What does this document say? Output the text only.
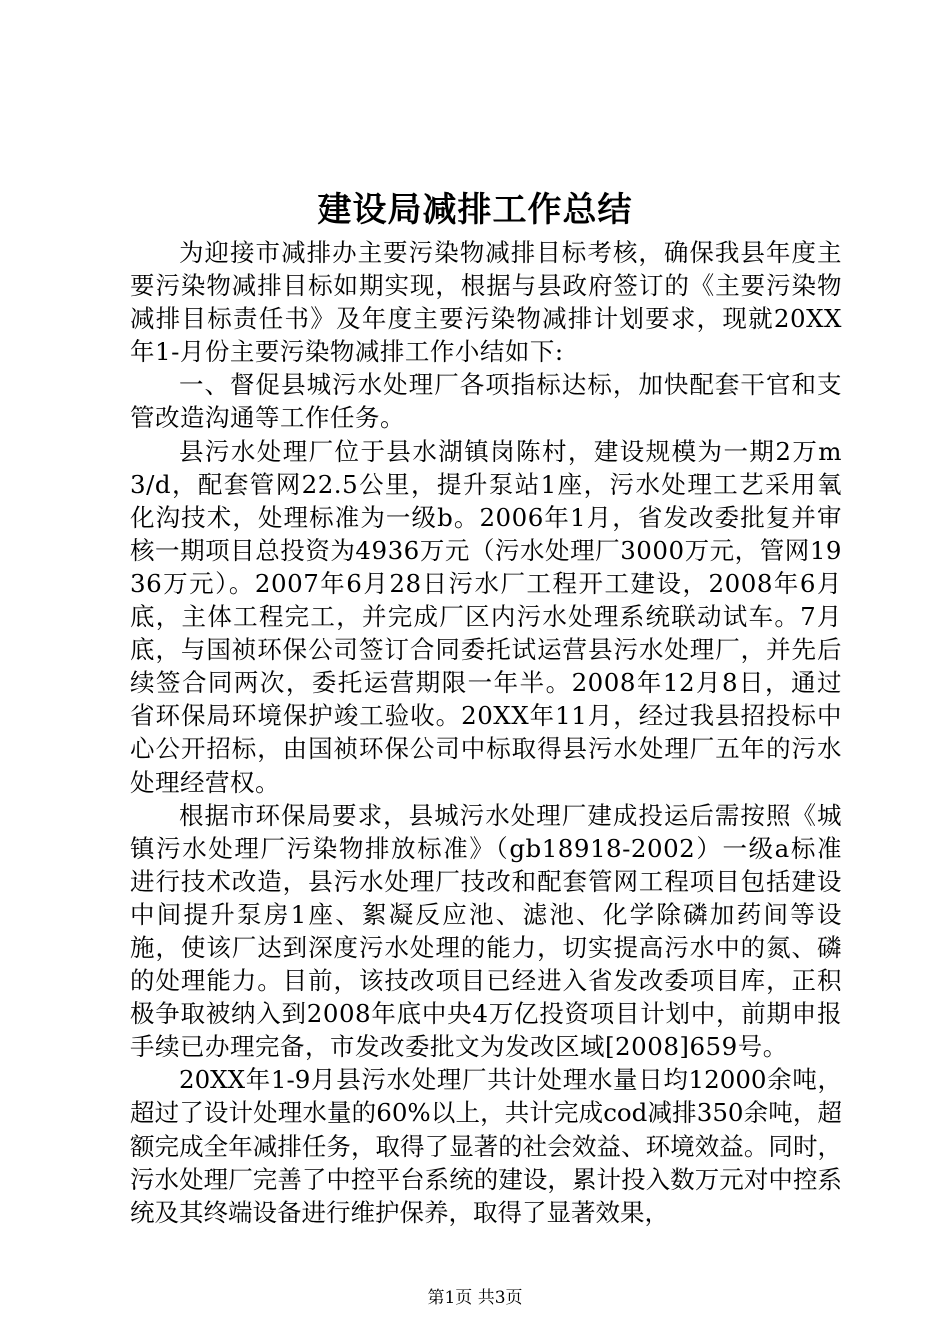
建设局减排工作总结

为迎接市减排办主要污染物减排目标考核，确保我县年度主要污染物减排目标如期实现，根据与县政府签订的《主要污染物减排目标责任书》及年度主要污染物减排计划要求，现就20XX年1-月份主要污染物减排工作小结如下:

一、督促县城污水处理厂各项指标达标，加快配套干官和支管改造沟通等工作任务。

县污水处理厂位于县水湖镇岗陈村，建设规模为一期2万m3/d，配套管网22.5公里，提升泵站1座，污水处理工艺采用氧化沟技术，处理标准为一级b。2006年1月，省发改委批复并审核一期项目总投资为4936万元（污水处理厂3000万元，管网1936万元）。2007年6月28日污水厂工程开工建设，2008年6月底，主体工程完工，并完成厂区内污水处理系统联动试车。7月底，与国祯环保公司签订合同委托试运营县污水处理厂，并先后续签合同两次，委托运营期限一年半。2008年12月8日，通过省环保局环境保护竣工验收。20XX年11月，经过我县招投标中心公开招标，由国祯环保公司中标取得县污水处理厂五年的污水处理经营权。

根据市环保局要求，县城污水处理厂建成投运后需按照《城镇污水处理厂污染物排放标准》（gb18918-2002）一级a标准进行技术改造，县污水处理厂技改和配套管网工程项目包括建设中间提升泵房1座、絮凝反应池、滤池、化学除磷加药间等设施，使该厂达到深度污水处理的能力，切实提高污水中的氮、磷的处理能力。目前，该技改项目已经进入省发改委项目库，正积极争取被纳入到2008年底中央4万亿投资项目计划中，前期申报手续已办理完备，市发改委批文为发改区域[2008]659号。

20XX年1-9月县污水处理厂共计处理水量日均12000余吨，超过了设计处理水量的60%以上，共计完成cod减排350余吨，超额完成全年减排任务，取得了显著的社会效益、环境效益。同时，污水处理厂完善了中控平台系统的建设，累计投入数万元对中控系统及其终端设备进行维护保养，取得了显著效果，

第1页 共3页
